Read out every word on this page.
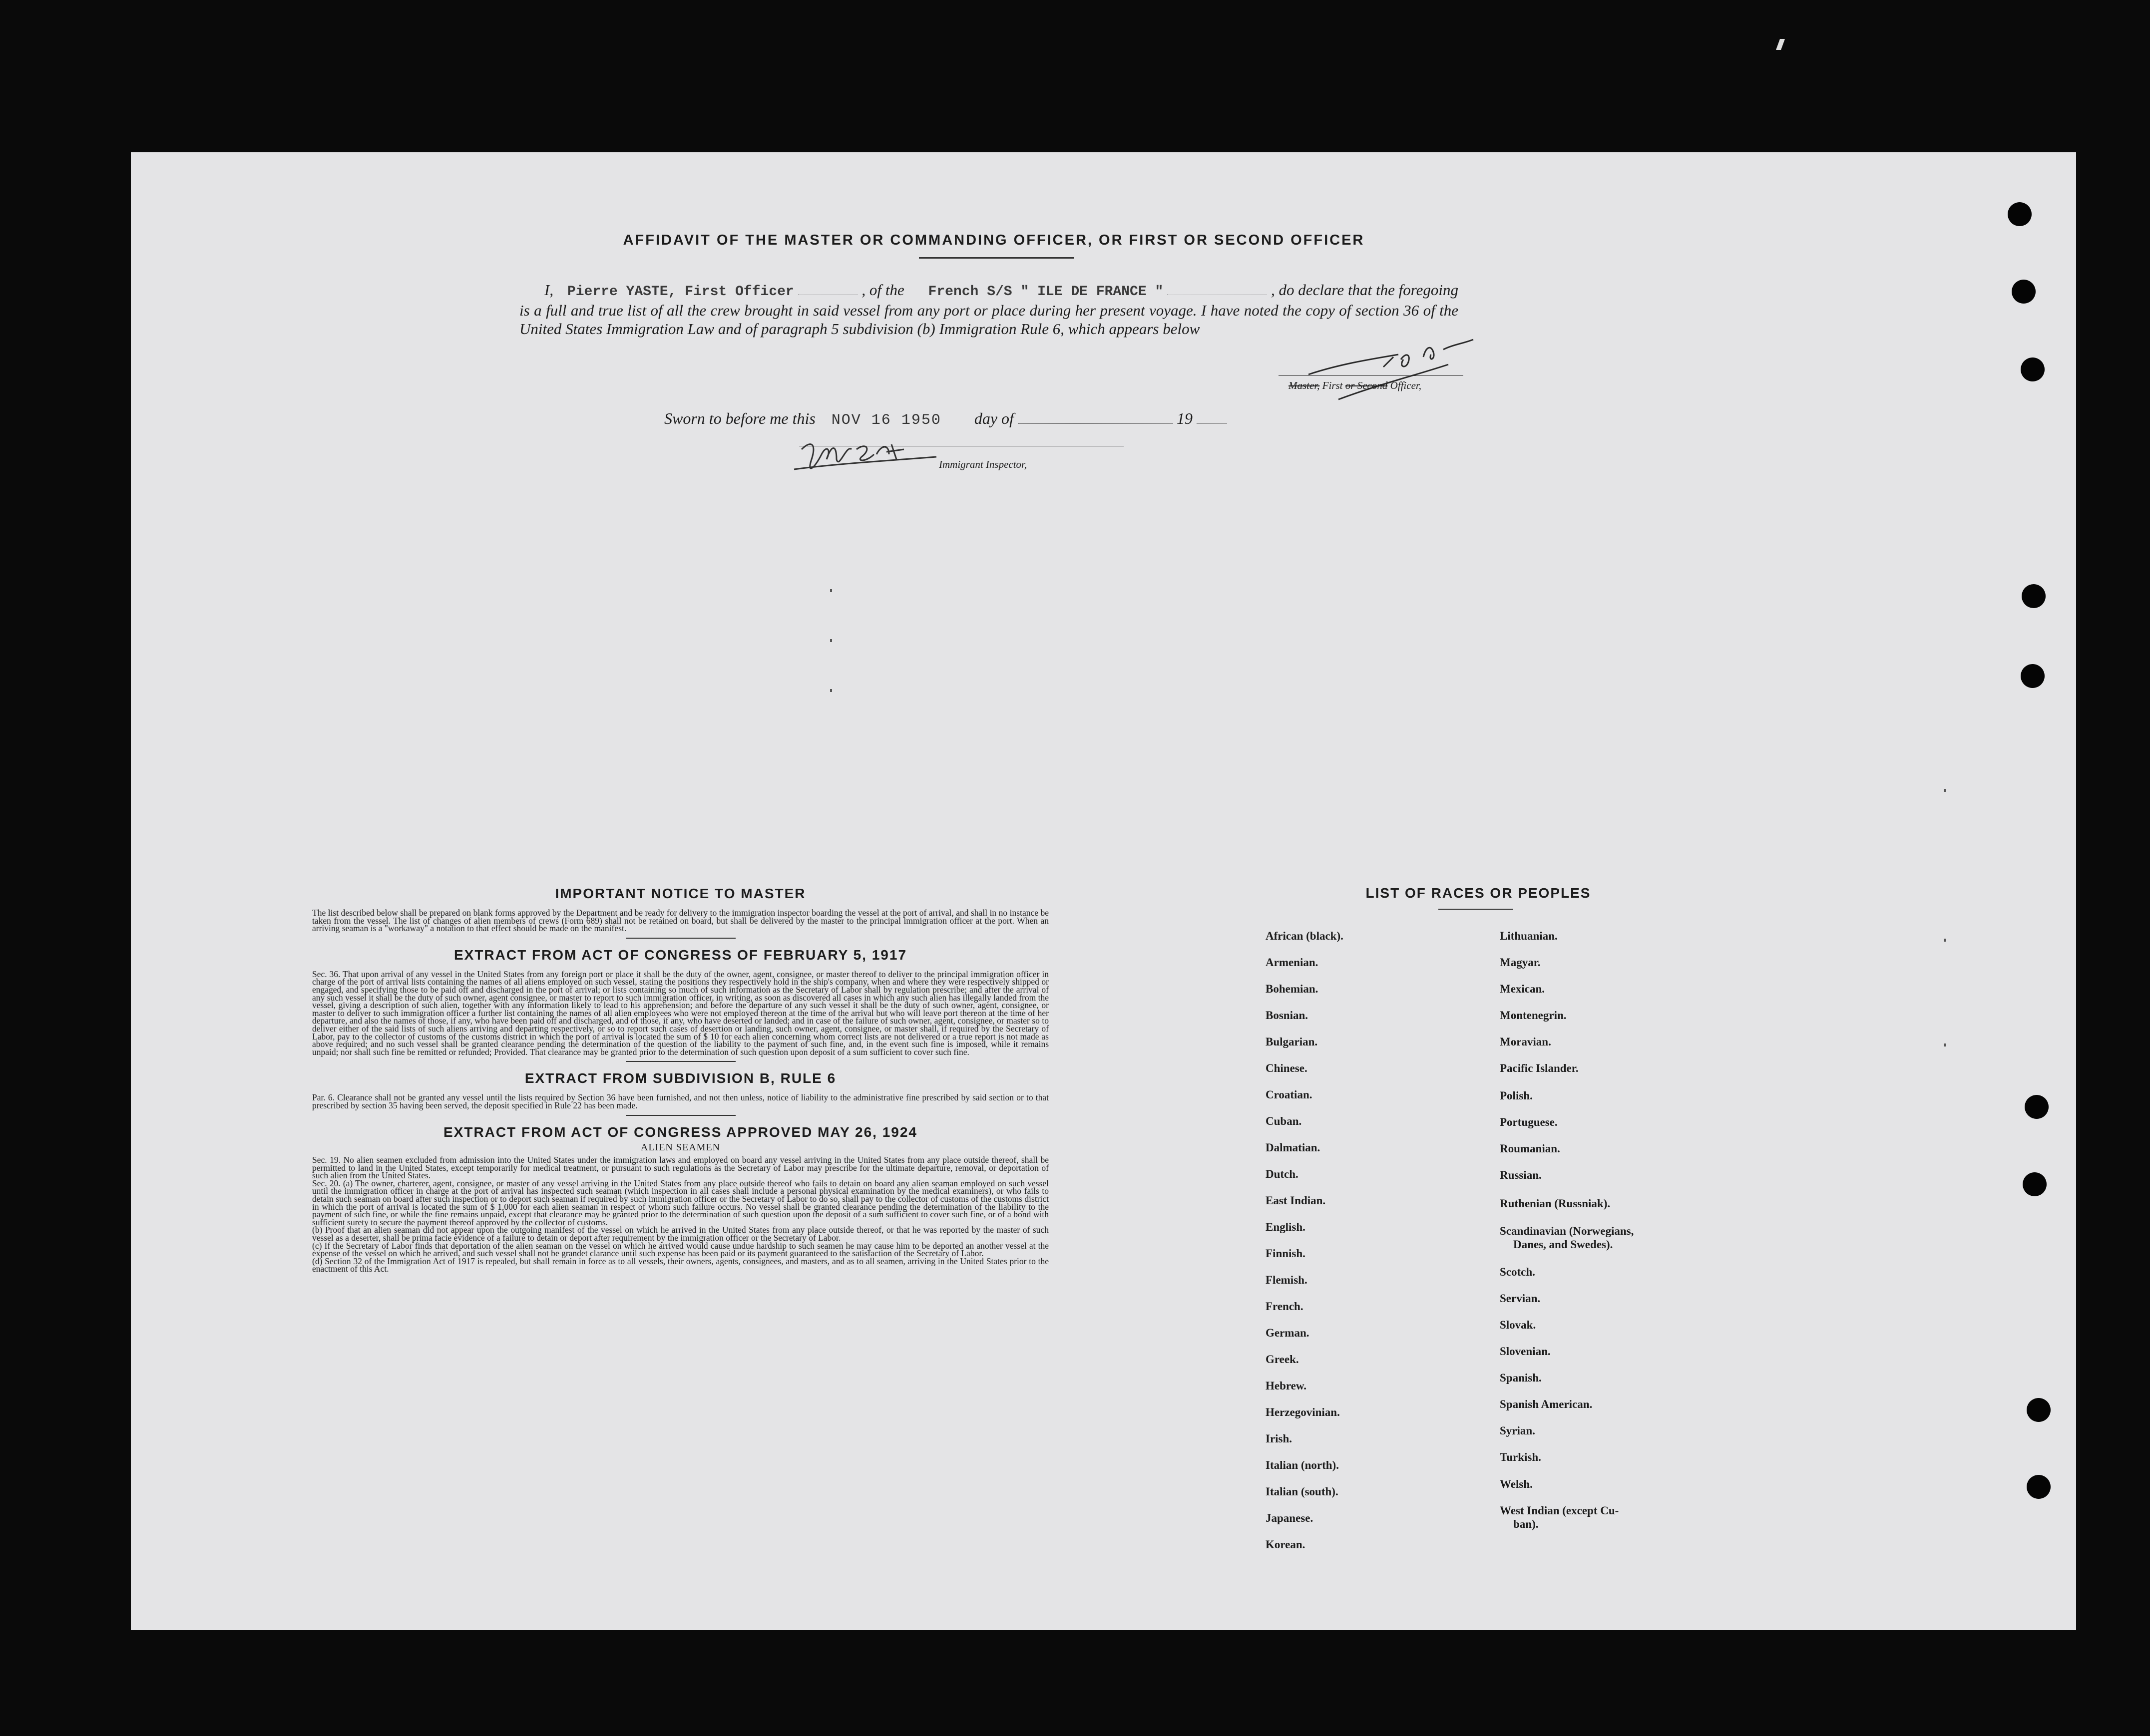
AFFIDAVIT OF THE MASTER OR COMMANDING OFFICER, OR FIRST OR SECOND OFFICER
I, Pierre YASTE, First Officer	, of the French S/S " ILE DE FRANCE "	, do declare that the foregoing is a full and true list of all the crew brought in said vessel from any port or place during her present voyage. I have noted the copy of section 36 of the United States Immigration Law and of paragraph 5 subdivision (b) Immigration Rule 6, which appears below
Master, First or Second Officer,
Sworn to before me this NOV 16 1950 day of	19
Immigrant Inspector,
IMPORTANT NOTICE TO MASTER

The list described below shall be prepared on blank forms approved by the Department and be ready for delivery to the immigration inspector boarding the vessel at the port of arrival, and shall in no instance be taken from the vessel. The list of changes of alien members of crews (Form 689) shall not be retained on board, but shall be delivered by the master to the principal immigration officer at the port. When an arriving seaman is a "workaway" a notation to that effect should be made on the manifest.

EXTRACT FROM ACT OF CONGRESS OF FEBRUARY 5, 1917

Sec. 36. That upon arrival of any vessel in the United States from any foreign port or place it shall be the duty of the owner, agent, consignee, or master thereof to deliver to the principal immigration officer in charge of the port of arrival lists containing the names of all aliens employed on such vessel, stating the positions they respectively hold in the ship's company, when and where they were respectively shipped or engaged, and specifying those to be paid off and discharged in the port of arrival; or lists containing so much of such information as the Secretary of Labor shall by regulation prescribe; and after the arrival of any such vessel it shall be the duty of such owner, agent consignee, or master to report to such immigration officer, in writing, as soon as discovered all cases in which any such alien has illegally landed from the vessel, giving a description of such alien, together with any information likely to lead to his apprehension; and before the departure of any such vessel it shall be the duty of such owner, agent, consignee, or master to deliver to such immigration officer a further list containing the names of all alien employees who were not employed thereon at the time of the arrival but who will leave port thereon at the time of her departure, and also the names of those, if any, who have been paid off and discharged, and of those, if any, who have deserted or landed; and in case of the failure of such owner, agent, consignee, or master so to deliver either of the said lists of such aliens arriving and departing respectively, or so to report such cases of desertion or landing, such owner, agent, consignee, or master shall, if required by the Secretary of Labor, pay to the collector of customs of the customs district in which the port of arrival is located the sum of $ 10 for each alien concerning whom correct lists are not delivered or a true report is not made as above required; and no such vessel shall be granted clearance pending the determination of the question of the liability to the payment of such fine, and, in the event such fine is imposed, while it remains unpaid; nor shall such fine be remitted or refunded; Provided. That clearance may be granted prior to the determination of such question upon deposit of a sum sufficient to cover such fine.

EXTRACT FROM SUBDIVISION B, RULE 6

Par. 6. Clearance shall not be granted any vessel until the lists required by Section 36 have been furnished, and not then unless, notice of liability to the administrative fine prescribed by said section or to that prescribed by section 35 having been served, the deposit specified in Rule 22 has been made.

EXTRACT FROM ACT OF CONGRESS APPROVED MAY 26, 1924
ALIEN SEAMEN

Sec. 19. No alien seamen excluded from admission into the United States under the immigration laws and employed on board any vessel arriving in the United States from any place outside thereof, shall be permitted to land in the United States, except temporarily for medical treatment, or pursuant to such regulations as the Secretary of Labor may prescribe for the ultimate departure, removal, or deportation of such alien from the United States.

Sec. 20. (a) The owner, charterer, agent, consignee, or master of any vessel arriving in the United States from any place outside thereof who fails to detain on board any alien seaman employed on such vessel until the immigration officer in charge at the port of arrival has inspected such seaman (which inspection in all cases shall include a personal physical examination by the medical examiners), or who fails to detain such seaman on board after such inspection or to deport such seaman if required by such immigration officer or the Secretary of Labor to do so, shall pay to the collector of customs of the customs district in which the port of arrival is located the sum of $ 1,000 for each alien seaman in respect of whom such failure occurs. No vessel shall be granted clearance pending the determination of the liability to the payment of such fine, or while the fine remains unpaid, except that clearance may be granted prior to the determination of such question upon the deposit of a sum sufficient to cover such fine, or of a bond with sufficient surety to secure the payment thereof approved by the collector of customs.

(b) Proof that an alien seaman did not appear upon the outgoing manifest of the vessel on which he arrived in the United States from any place outside thereof, or that he was reported by the master of such vessel as a deserter, shall be prima facie evidence of a failure to detain or deport after requirement by the immigration officer or the Secretary of Labor.

(c) If the Secretary of Labor finds that deportation of the alien seaman on the vessel on which he arrived would cause undue hardship to such seamen he may cause him to be deported an another vessel at the expense of the vessel on which he arrived, and such vessel shall not be grandet clarance until such expense has been paid or its payment guaranteed to the satisfaction of the Secretary of Labor.

(d) Section 32 of the Immigration Act of 1917 is repealed, but shall remain in force as to all vessels, their owners, agents, consignees, and masters, and as to all seamen, arriving in the United States prior to the enactment of this Act.

LIST OF RACES OR PEOPLES
African (black).
Armenian.
Bohemian.
Bosnian.
Bulgarian.
Chinese.
Croatian.
Cuban.
Dalmatian.
Dutch.
East Indian.
English.
Finnish.
Flemish.
French.
German.
Greek.
Hebrew.
Herzegovinian.
Irish.
Italian (north).
Italian (south).
Japanese.
Korean.
Lithuanian.
Magyar.
Mexican.
Montenegrin.
Moravian.
Pacific Islander.
Polish.
Portuguese.
Roumanian.
Russian.
Ruthenian (Russniak).
Scandinavian (Norwegians,
Danes, and Swedes).
Scotch.
Servian.
Slovak.
Slovenian.
Spanish.
Spanish American.
Syrian.
Turkish.
Welsh.
West Indian (except Cu-
ban).
